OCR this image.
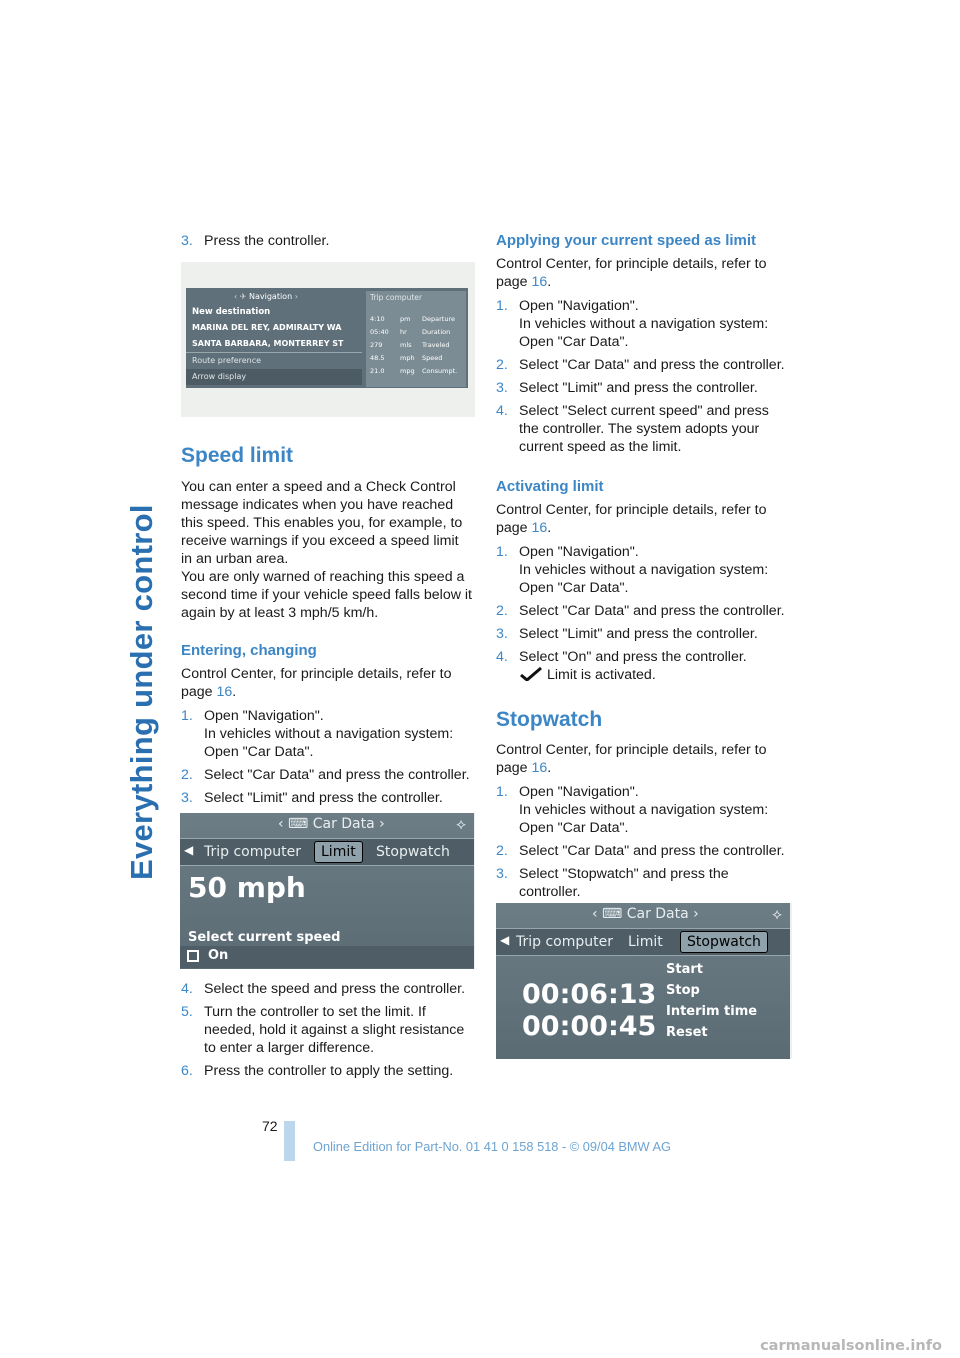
Everything under control
3. Press the controller.
‹ ✈ Navigation ›
New destination
MARINA DEL REY, ADMIRALTY WA
SANTA BARBARA, MONTERREY ST
Route preference
Arrow display
Trip computer
4:10	pm	Departure
05:40	hr	Duration
279	mls	Traveled
48.5	mph	Speed
21.0	mpg	Consumpt.
Speed limit

You can enter a speed and a Check Control message indicates when you have reached this speed. This enables you, for example, to receive warnings if you exceed a speed limit in an urban area.

You are only warned of reaching this speed a second time if your vehicle speed falls below it again by at least 3 mph/5 km/h.

Entering, changing

Control Center, for principle details, refer to page 16.

1. Open "Navigation".
In vehicles without a navigation system:
Open "Car Data".
2. Select "Car Data" and press the controller.
3. Select "Limit" and press the controller.
‹ ⌨ Car Data ›	⟡
◀ Trip computer	Limit	Stopwatch
50 mph
Select current speed
On
4. Select the speed and press the controller.
5. Turn the controller to set the limit. If needed, hold it against a slight resistance to enter a larger difference.
6. Press the controller to apply the setting.
Applying your current speed as limit

Control Center, for principle details, refer to page 16.

1. Open "Navigation".
In vehicles without a navigation system:
Open "Car Data".
2. Select "Car Data" and press the controller.
3. Select "Limit" and press the controller.
4. Select "Select current speed" and press the controller. The system adopts your current speed as the limit.
Activating limit

Control Center, for principle details, refer to page 16.

1. Open "Navigation".
In vehicles without a navigation system:
Open "Car Data".
2. Select "Car Data" and press the controller.
3. Select "Limit" and press the controller.
4. Select "On" and press the controller.
Limit is activated.
Stopwatch

Control Center, for principle details, refer to page 16.

1. Open "Navigation".
In vehicles without a navigation system:
Open "Car Data".
2. Select "Car Data" and press the controller.
3. Select "Stopwatch" and press the controller.
‹ ⌨ Car Data ›	⟡
◀ Trip computer Limit	Stopwatch
00:06:13
00:00:45
Start
Stop
Interim time
Reset
72
Online Edition for Part-No. 01 41 0 158 518 - © 09/04 BMW AG
carmanualsonline.info
